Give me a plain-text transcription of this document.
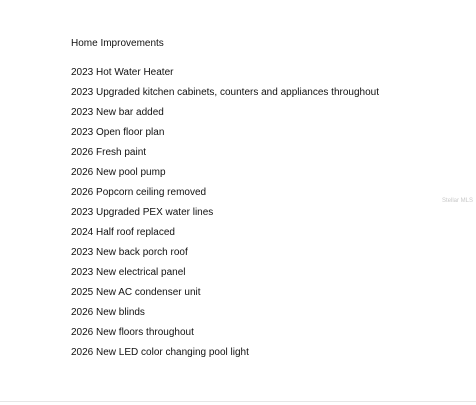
Home Improvements
2023 Hot Water Heater
2023 Upgraded kitchen cabinets, counters and appliances throughout
2023 New bar added
2023 Open floor plan
2026 Fresh paint
2026 New pool pump
2026 Popcorn ceiling removed
2023 Upgraded PEX water lines
2024 Half roof replaced
2023 New back porch roof
2023 New electrical panel
2025 New AC condenser unit
2026 New blinds
2026 New floors throughout
2026 New LED color changing pool light
Stellar MLS
